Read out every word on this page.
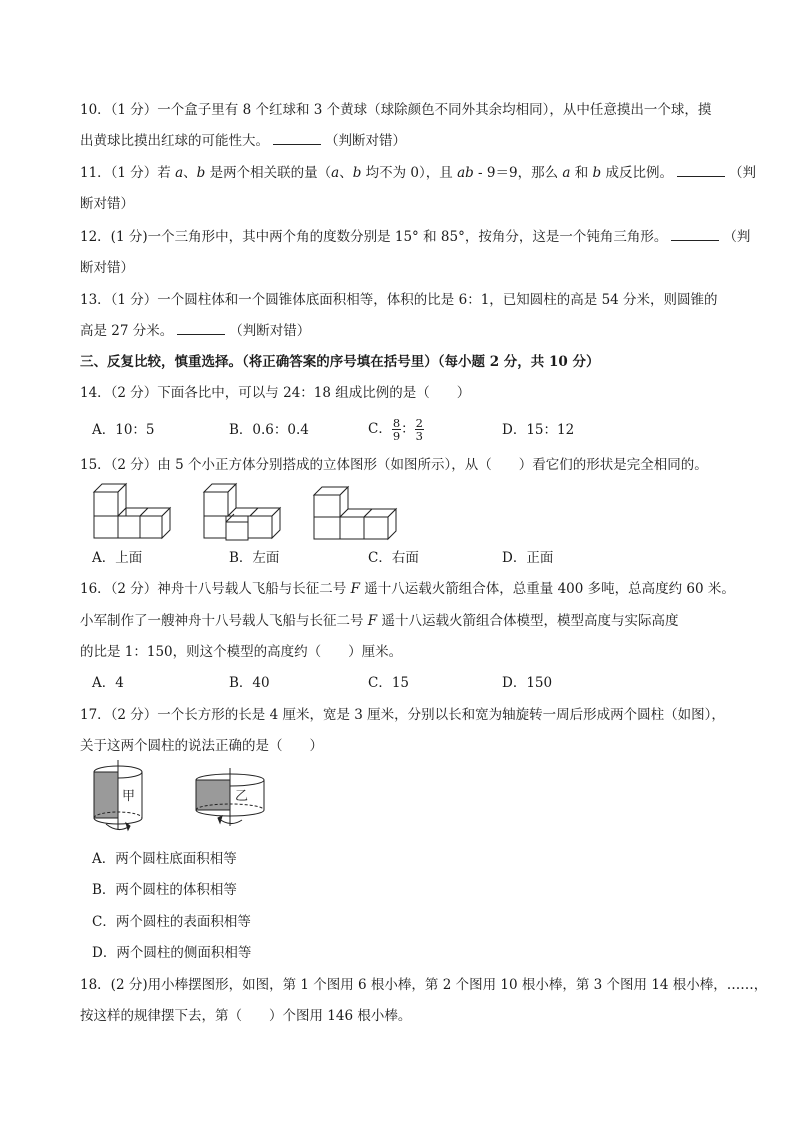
10．（1 分）一个盒子里有 8 个红球和 3 个黄球（球除颜色不同外其余均相同），从中任意摸出一个球，摸
出黄球比摸出红球的可能性大。	（判断对错）
11．（1 分）若 a、b 是两个相关联的量（a、b 均不为 0），且 ab - 9＝9，那么 a 和 b 成反比例。	（判
断对错）
12．(1 分)一个三角形中，其中两个角的度数分别是 15° 和 85°，按角分，这是一个钝角三角形。	（判
断对错）
13．（1 分）一个圆柱体和一个圆锥体底面积相等，体积的比是 6：1，已知圆柱的高是 54 分米，则圆锥的
高是 27 分米。	（判断对错）
三、反复比较，慎重选择。（将正确答案的序号填在括号里）（每小题 2 分，共 10 分）
14．（2 分）下面各比中，可以与 24：18 组成比例的是（　　）
A．10：5	B．0.6：0.4	C． $\frac{8}{9}$ ： $\frac{2}{3}$	D．15：12
15．（2 分）由 5 个小正方体分别搭成的立体图形（如图所示），从（　　）看它们的形状是完全相同的。
A．上面	B．左面	C．右面	D．正面
16．（2 分）神舟十八号载人飞船与长征二号 F 遥十八运载火箭组合体，总重量 400 多吨，总高度约 60 米。
小军制作了一艘神舟十八号载人飞船与长征二号 F 遥十八运载火箭组合体模型，模型高度与实际高度
的比是 1：150，则这个模型的高度约（　　）厘米。
A．4	B．40	C．15	D．150
17．（2 分）一个长方形的长是 4 厘米，宽是 3 厘米，分别以长和宽为轴旋转一周后形成两个圆柱（如图），
关于这两个圆柱的说法正确的是（　　）
甲	乙
A．两个圆柱底面积相等
B．两个圆柱的体积相等
C．两个圆柱的表面积相等
D．两个圆柱的侧面积相等
18．(2 分)用小棒摆图形，如图，第 1 个图用 6 根小棒，第 2 个图用 10 根小棒，第 3 个图用 14 根小棒，……，
按这样的规律摆下去，第（　　）个图用 146 根小棒。
